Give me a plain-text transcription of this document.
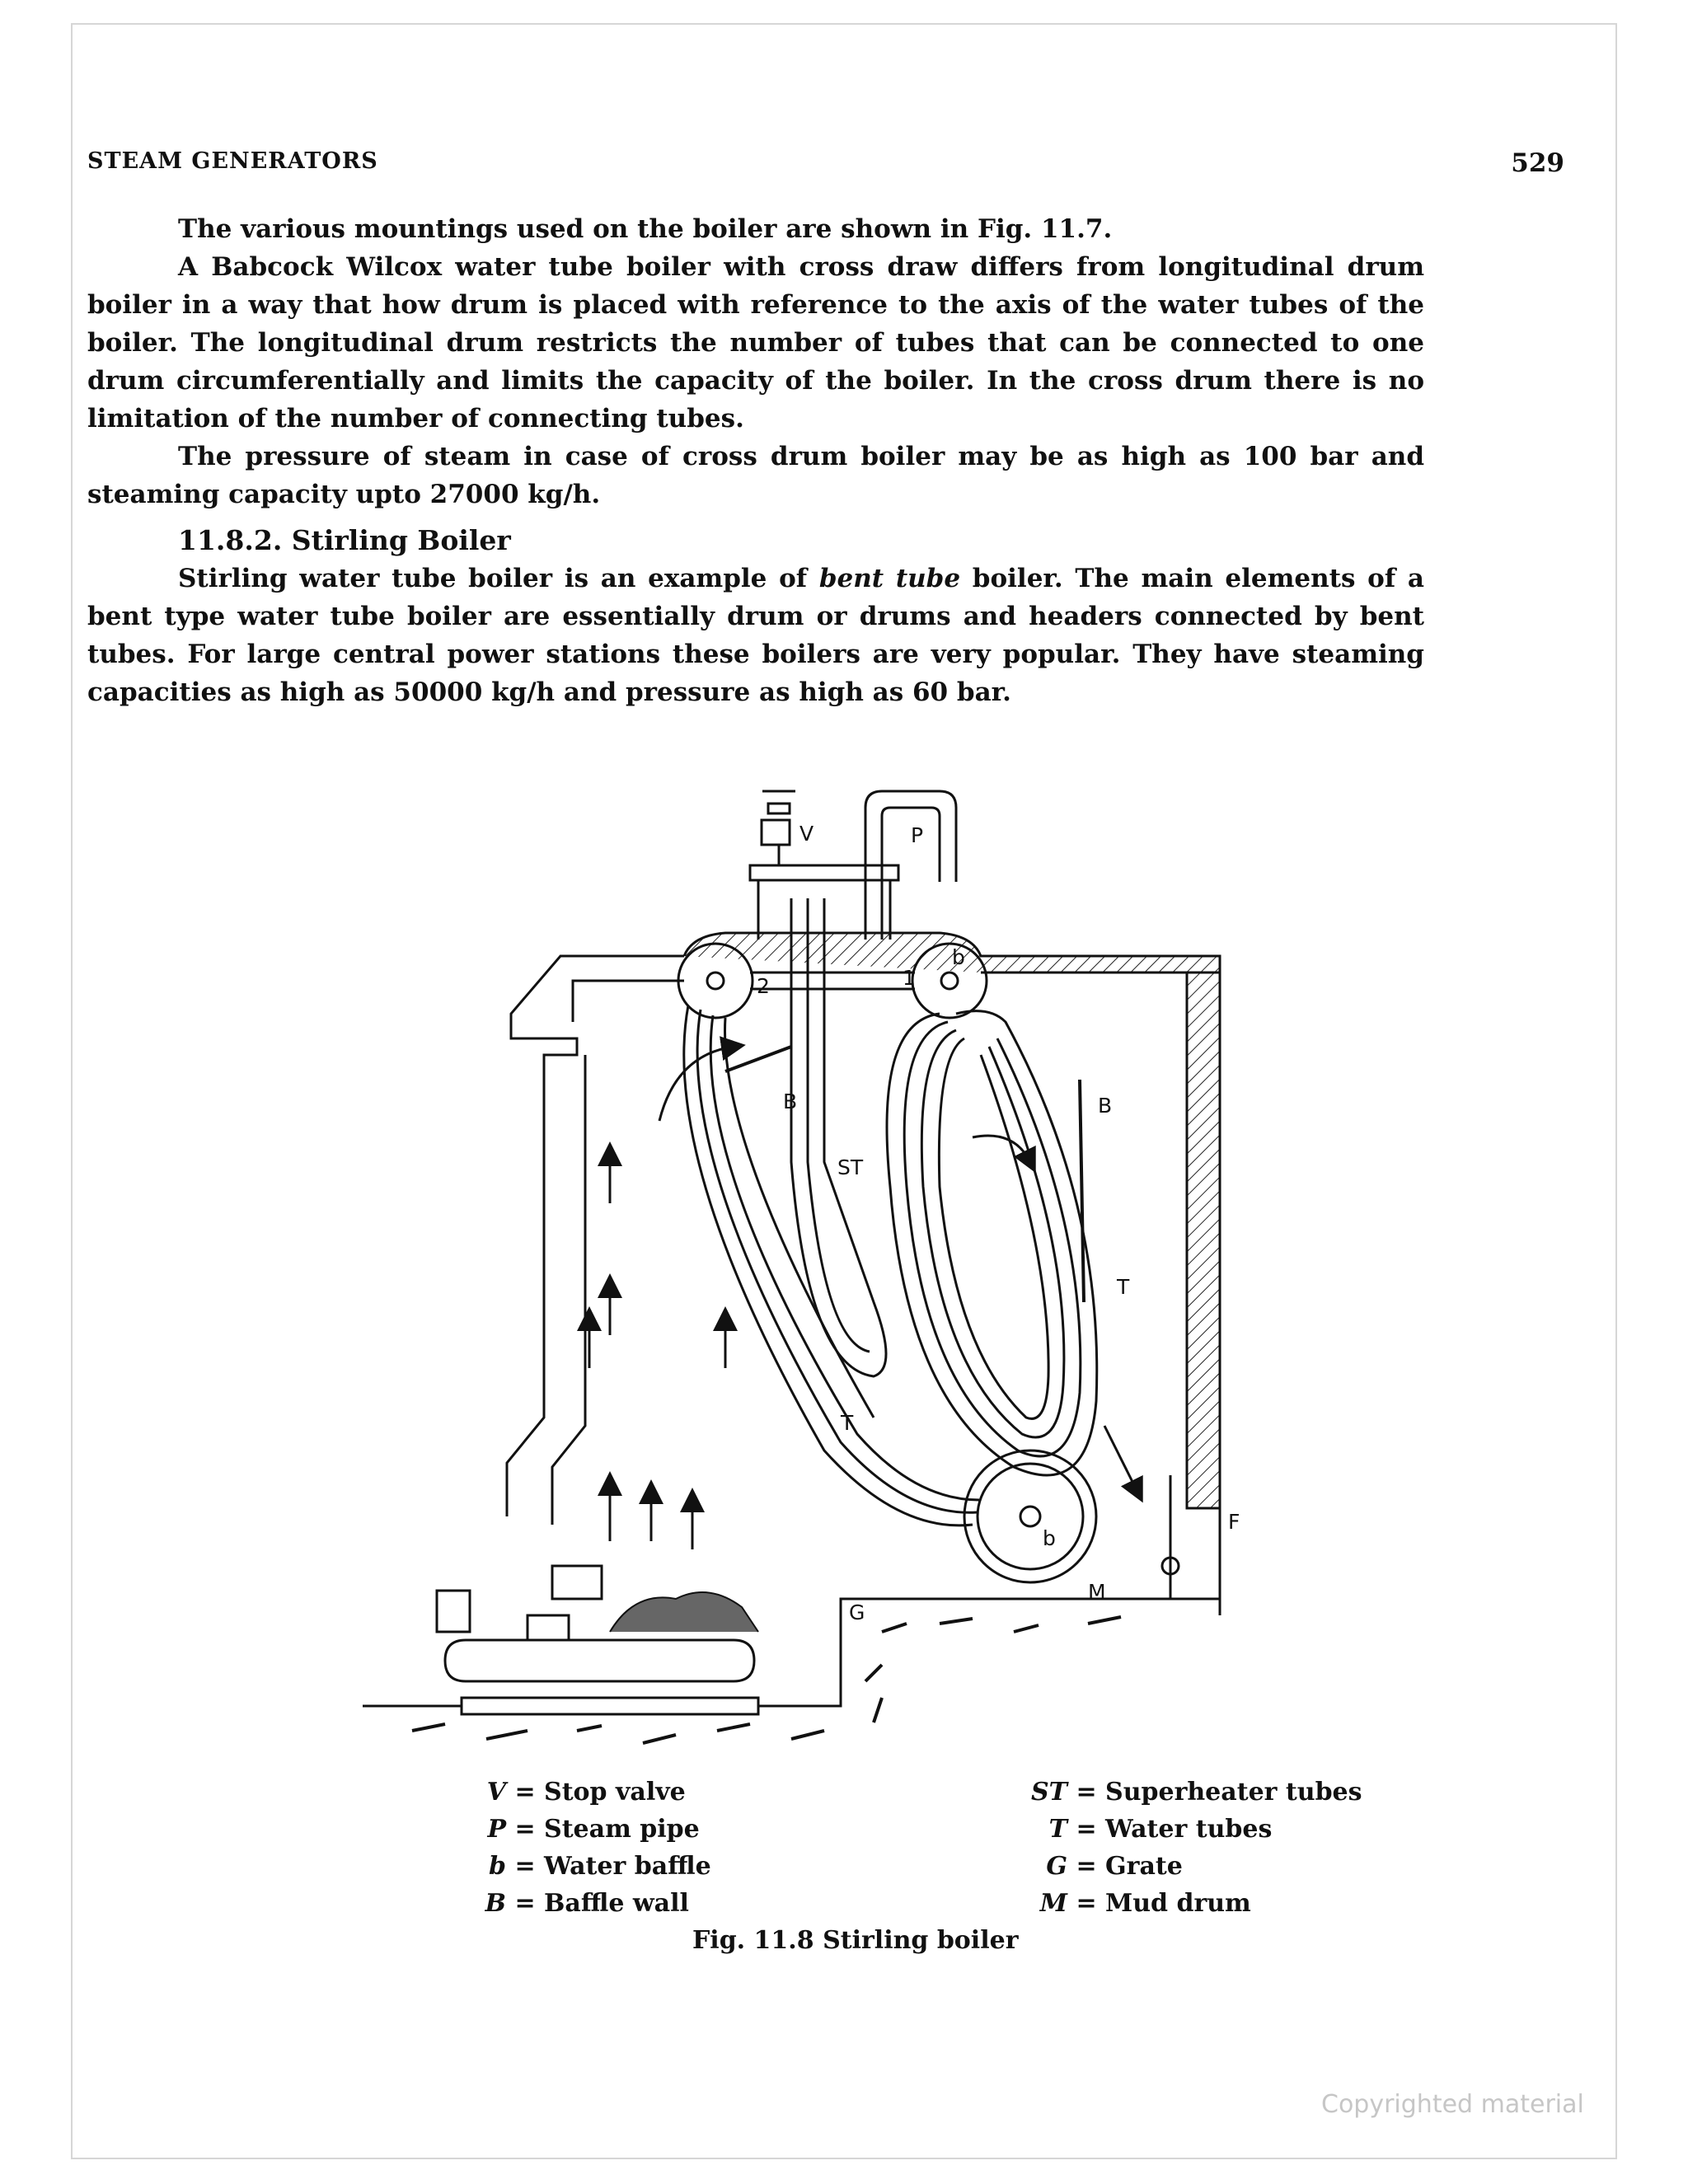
STEAM GENERATORS	529

The various mountings used on the boiler are shown in Fig. 11.7.

A Babcock Wilcox water tube boiler with cross draw differs from longitudinal drum boiler in a way that how drum is placed with reference to the axis of the water tubes of the boiler. The longitudinal drum restricts the number of tubes that can be connected to one drum circumferentially and limits the capacity of the boiler. In the cross drum there is no limitation of the number of connecting tubes.

The pressure of steam in case of cross drum boiler may be as high as 100 bar and steaming capacity upto 27000 kg/h.

11.8.2. Stirling Boiler

Stirling water tube boiler is an example of bent tube boiler. The main elements of a bent type water tube boiler are essentially drum or drums and headers connected by bent tubes. For large central power stations these boilers are very popular. They have steaming capacities as high as 50000 kg/h and pressure as high as 60 bar.

V	P
2	1
b
B	B
ST
T
T
G
F
M
b
V = Stop valve
P = Steam pipe
b = Water baffle
B = Baffle wall
ST = Superheater tubes
T = Water tubes
G = Grate
M = Mud drum
Fig. 11.8 Stirling boiler
Copyrighted material
